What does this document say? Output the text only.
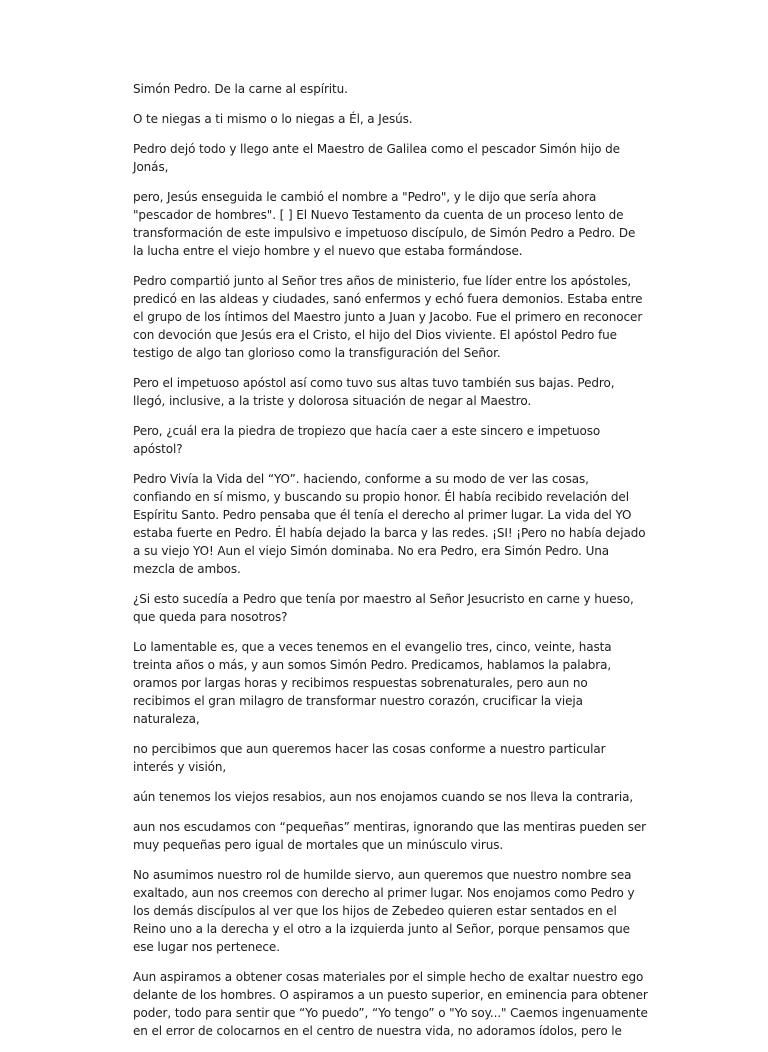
Simón Pedro. De la carne al espíritu.

O te niegas a ti mismo o lo niegas a Él, a Jesús.

Pedro dejó todo y llego ante el Maestro de Galilea como el pescador Simón hijo de Jonás,

pero, Jesús enseguida le cambió el nombre a "Pedro", y le dijo que sería ahora "pescador de hombres". [ ] El Nuevo Testamento da cuenta de un proceso lento de transformación de este impulsivo e impetuoso discípulo, de Simón Pedro a Pedro. De la lucha entre el viejo hombre y el nuevo que estaba formándose.

Pedro compartió junto al Señor tres años de ministerio, fue líder entre los apóstoles, predicó en las aldeas y ciudades, sanó enfermos y echó fuera demonios. Estaba entre el grupo de los íntimos del Maestro junto a Juan y Jacobo. Fue el primero en reconocer con devoción que Jesús era el Cristo, el hijo del Dios viviente. El apóstol Pedro fue testigo de algo tan glorioso como la transfiguración del Señor.

Pero el impetuoso apóstol así como tuvo sus altas tuvo también sus bajas. Pedro, llegó, inclusive, a la triste y dolorosa situación de negar al Maestro.

Pero, ¿cuál era la piedra de tropiezo que hacía caer a este sincero e impetuoso apóstol?

Pedro Vivía la Vida del “YO”. haciendo, conforme a su modo de ver las cosas, confiando en sí mismo, y buscando su propio honor. Él había recibido revelación del Espíritu Santo. Pedro pensaba que él tenía el derecho al primer lugar. La vida del YO estaba fuerte en Pedro. Él había dejado la barca y las redes. ¡SI! ¡Pero no había dejado a su viejo YO! Aun el viejo Simón dominaba. No era Pedro, era Simón Pedro. Una mezcla de ambos.

¿Si esto sucedía a Pedro que tenía por maestro al Señor Jesucristo en carne y hueso, que queda para nosotros?

Lo lamentable es, que a veces tenemos en el evangelio tres, cinco, veinte, hasta treinta años o más, y aun somos Simón Pedro. Predicamos, hablamos la palabra, oramos por largas horas y recibimos respuestas sobrenaturales, pero aun no recibimos el gran milagro de transformar nuestro corazón, crucificar la vieja naturaleza,

no percibimos que aun queremos hacer las cosas conforme a nuestro particular interés y visión,

aún tenemos los viejos resabios, aun nos enojamos cuando se nos lleva la contraria,

aun nos escudamos con “pequeñas” mentiras, ignorando que las mentiras pueden ser muy pequeñas pero igual de mortales que un minúsculo virus.

No asumimos nuestro rol de humilde siervo, aun queremos que nuestro nombre sea exaltado, aun nos creemos con derecho al primer lugar. Nos enojamos como Pedro y los demás discípulos al ver que los hijos de Zebedeo quieren estar sentados en el Reino uno a la derecha y el otro a la izquierda junto al Señor, porque pensamos que ese lugar nos pertenece.

Aun aspiramos a obtener cosas materiales por el simple hecho de exaltar nuestro ego delante de los hombres. O aspiramos a un puesto superior, en eminencia para obtener poder, todo para sentir que “Yo puedo”, “Yo tengo” o "Yo soy..." Caemos ingenuamente en el error de colocarnos en el centro de nuestra vida, no adoramos ídolos, pero le
